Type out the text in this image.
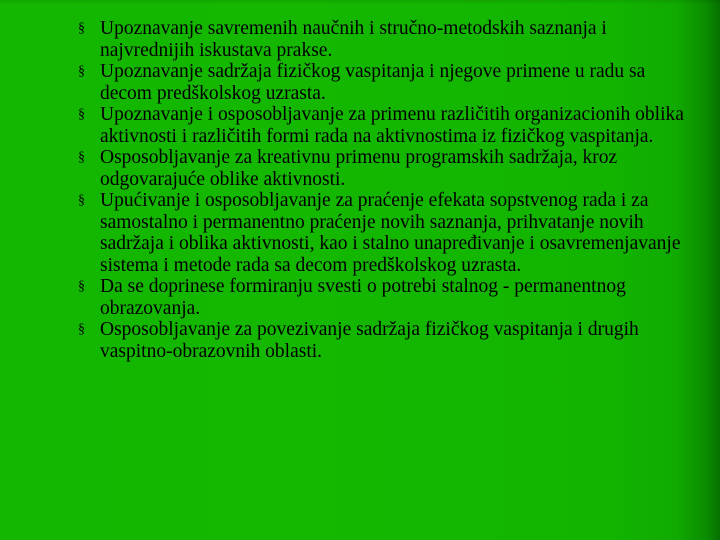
§ Upoznavanje savremenih naučnih i stručno-metodskih saznanja i najvrednijih iskustava prakse.
§ Upoznavanje sadržaja fizičkog vaspitanja i njegove primene u radu sa decom predškolskog uzrasta.
§ Upoznavanje i osposobljavanje za primenu različitih organizacionih oblika aktivnosti i različitih formi rada na aktivnostima iz fizičkog vaspitanja.
§ Osposobljavanje za kreativnu primenu programskih sadržaja, kroz odgovarajuće oblike aktivnosti.
§ Upućivanje i osposobljavanje za praćenje efekata sopstvenog rada i za samostalno i permanentno praćenje novih saznanja, prihvatanje novih sadržaja i oblika aktivnosti, kao i stalno unapređivanje i osavremenjavanje sistema i metode rada sa decom predškolskog uzrasta.
§ Da se doprinese formiranju svesti o potrebi stalnog - permanentnog obrazovanja.
§ Osposobljavanje za povezivanje sadržaja fizičkog vaspitanja i drugih vaspitno-obrazovnih oblasti.
